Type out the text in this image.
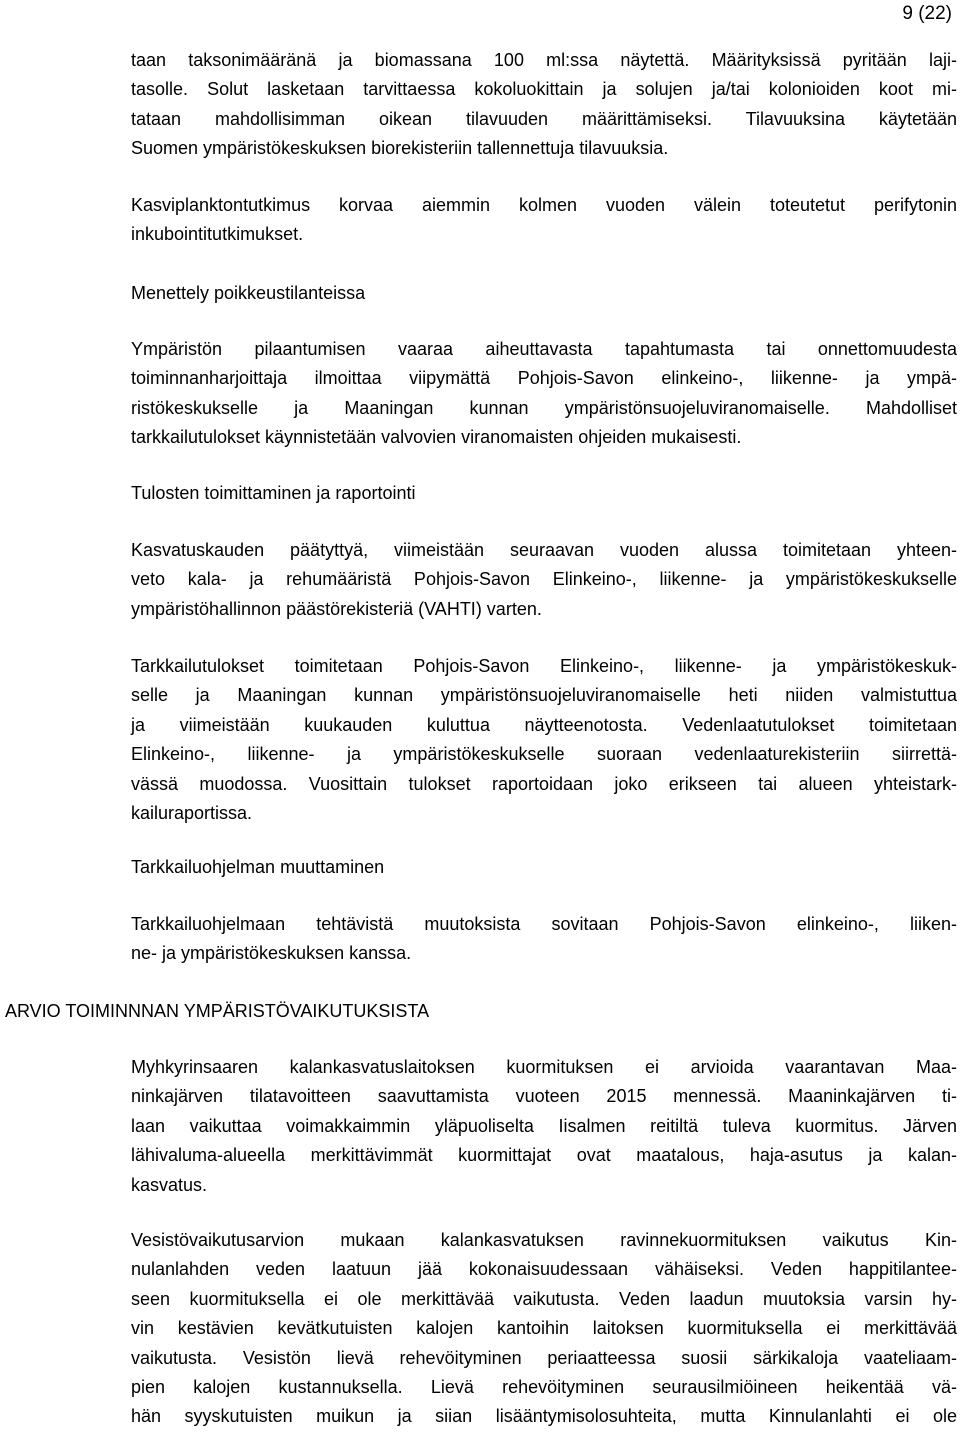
9 (22)
taan taksonimääränä ja biomassana 100 ml:ssa näytettä. Määrityksissä pyritään laji-
tasolle. Solut lasketaan tarvittaessa kokoluokittain ja solujen ja/tai kolonioiden koot mi-
tataan mahdollisimman oikean tilavuuden määrittämiseksi. Tilavuuksina käytetään
Suomen ympäristökeskuksen biorekisteriin tallennettuja tilavuuksia.
Kasviplanktontutkimus korvaa aiemmin kolmen vuoden välein toteutetut perifytonin
inkubointitutkimukset.
Menettely poikkeustilanteissa
Ympäristön pilaantumisen vaaraa aiheuttavasta tapahtumasta tai onnettomuudesta
toiminnanharjoittaja ilmoittaa viipymättä Pohjois-Savon elinkeino-, liikenne- ja ympä-
ristökeskukselle ja Maaningan kunnan ympäristönsuojeluviranomaiselle. Mahdolliset
tarkkailutulokset käynnistetään valvovien viranomaisten ohjeiden mukaisesti.
Tulosten toimittaminen ja raportointi
Kasvatuskauden päätyttyä, viimeistään seuraavan vuoden alussa toimitetaan yhteen-
veto kala- ja rehumääristä Pohjois-Savon Elinkeino-, liikenne- ja ympäristökeskukselle
ympäristöhallinnon päästörekisteriä (VAHTI) varten.
Tarkkailutulokset toimitetaan Pohjois-Savon Elinkeino-, liikenne- ja ympäristökeskuk-
selle ja Maaningan kunnan ympäristönsuojeluviranomaiselle heti niiden valmistuttua
ja viimeistään kuukauden kuluttua näytteenotosta. Vedenlaatutulokset toimitetaan
Elinkeino-, liikenne- ja ympäristökeskukselle suoraan vedenlaaturekisteriin siirrettä-
vässä muodossa. Vuosittain tulokset raportoidaan joko erikseen tai alueen yhteistark-
kailuraportissa.
Tarkkailuohjelman muuttaminen
Tarkkailuohjelmaan tehtävistä muutoksista sovitaan Pohjois-Savon elinkeino-, liiken-
ne- ja ympäristökeskuksen kanssa.
ARVIO TOIMINNNAN YMPÄRISTÖVAIKUTUKSISTA
Myhkyrinsaaren kalankasvatuslaitoksen kuormituksen ei arvioida vaarantavan Maa-
ninkajärven tilatavoitteen saavuttamista vuoteen 2015 mennessä. Maaninkajärven ti-
laan vaikuttaa voimakkaimmin yläpuoliselta Iisalmen reitiltä tuleva kuormitus. Järven
lähivaluma-alueella merkittävimmät kuormittajat ovat maatalous, haja-asutus ja kalan-
kasvatus.
Vesistövaikutusarvion mukaan kalankasvatuksen ravinnekuormituksen vaikutus Kin-
nulanlahden veden laatuun jää kokonaisuudessaan vähäiseksi. Veden happitilantee-
seen kuormituksella ei ole merkittävää vaikutusta. Veden laadun muutoksia varsin hy-
vin kestävien kevätkutuisten kalojen kantoihin laitoksen kuormituksella ei merkittävää
vaikutusta. Vesistön lievä rehevöityminen periaatteessa suosii särkikaloja vaateliaam-
pien kalojen kustannuksella. Lievä rehevöityminen seurausilmiöineen heikentää vä-
hän syyskutuisten muikun ja siian lisääntymisolosuhteita, mutta Kinnulanlahti ei ole
